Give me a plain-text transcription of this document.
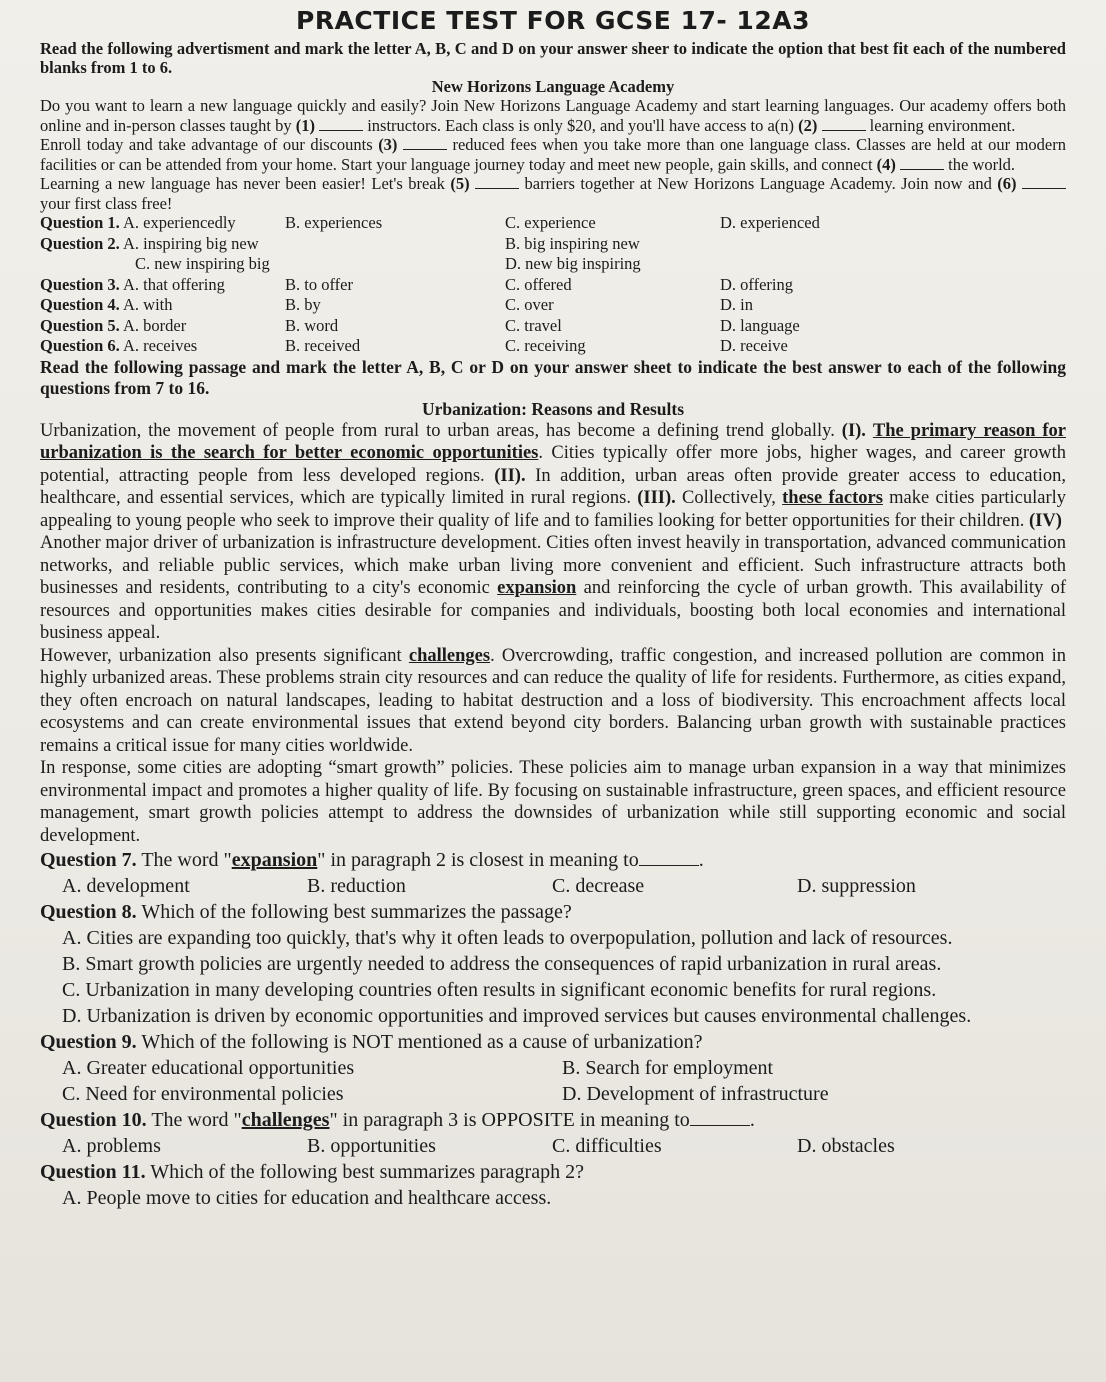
PRACTICE TEST FOR GCSE 17- 12A3

Read the following advertisment and mark the letter A, B, C and D on your answer sheer to indicate the option that best fit each of the numbered blanks from 1 to 6.

New Horizons Language Academy

Do you want to learn a new language quickly and easily? Join New Horizons Language Academy and start learning languages. Our academy offers both online and in-person classes taught by (1)	instructors. Each class is only $20, and you'll have access to a(n) (2)	learning environment.

Enroll today and take advantage of our discounts (3)	reduced fees when you take more than one language class. Classes are held at our modern facilities or can be attended from your home. Start your language journey today and meet new people, gain skills, and connect (4)	the world.

Learning a new language has never been easier! Let's break (5)	barriers together at New Horizons Language Academy. Join now and (6)  your first class free!

Question 1. A. experiencedly	B. experiences	C. experience	D. experienced
Question 2. A. inspiring big new	B. big inspiring new
C. new inspiring big	D. new big inspiring
Question 3. A. that offering	B. to offer	C. offered	D. offering
Question 4. A. with	B. by	C. over	D. in
Question 5. A. border	B. word	C. travel	D. language
Question 6. A. receives	B. received	C. receiving	D. receive

Read the following passage and mark the letter A, B, C or D on your answer sheet to indicate the best answer to each of the following questions from 7 to 16.

Urbanization: Reasons and Results

Urbanization, the movement of people from rural to urban areas, has become a defining trend globally. (I). The primary reason for urbanization is the search for better economic opportunities. Cities typically offer more jobs, higher wages, and career growth potential, attracting people from less developed regions. (II). In addition, urban areas often provide greater access to education, healthcare, and essential services, which are typically limited in rural regions. (III). Collectively, these factors make cities particularly appealing to young people who seek to improve their quality of life and to families looking for better opportunities for their children. (IV)

Another major driver of urbanization is infrastructure development. Cities often invest heavily in transportation, advanced communication networks, and reliable public services, which make urban living more convenient and efficient. Such infrastructure attracts both businesses and residents, contributing to a city's economic expansion and reinforcing the cycle of urban growth. This availability of resources and opportunities makes cities desirable for companies and individuals, boosting both local economies and international business appeal.

However, urbanization also presents significant challenges. Overcrowding, traffic congestion, and increased pollution are common in highly urbanized areas. These problems strain city resources and can reduce the quality of life for residents. Furthermore, as cities expand, they often encroach on natural landscapes, leading to habitat destruction and a loss of biodiversity. This encroachment affects local ecosystems and can create environmental issues that extend beyond city borders. Balancing urban growth with sustainable practices remains a critical issue for many cities worldwide.

In response, some cities are adopting “smart growth” policies. These policies aim to manage urban expansion in a way that minimizes environmental impact and promotes a higher quality of life. By focusing on sustainable infrastructure, green spaces, and efficient resource management, smart growth policies attempt to address the downsides of urbanization while still supporting economic and social development.

Question 7. The word "expansion" in paragraph 2 is closest in meaning to	.
A. development	B. reduction	C. decrease	D. suppression
Question 8. Which of the following best summarizes the passage?
A. Cities are expanding too quickly, that's why it often leads to overpopulation, pollution and lack of resources.
B. Smart growth policies are urgently needed to address the consequences of rapid urbanization in rural areas.
C. Urbanization in many developing countries often results in significant economic benefits for rural regions.
D. Urbanization is driven by economic opportunities and improved services but causes environmental challenges.
Question 9. Which of the following is NOT mentioned as a cause of urbanization?
A. Greater educational opportunities	B. Search for employment
C. Need for environmental policies	D. Development of infrastructure
Question 10. The word "challenges" in paragraph 3 is OPPOSITE in meaning to	.
A. problems	B. opportunities	C. difficulties	D. obstacles
Question 11. Which of the following best summarizes paragraph 2?
A. People move to cities for education and healthcare access.
